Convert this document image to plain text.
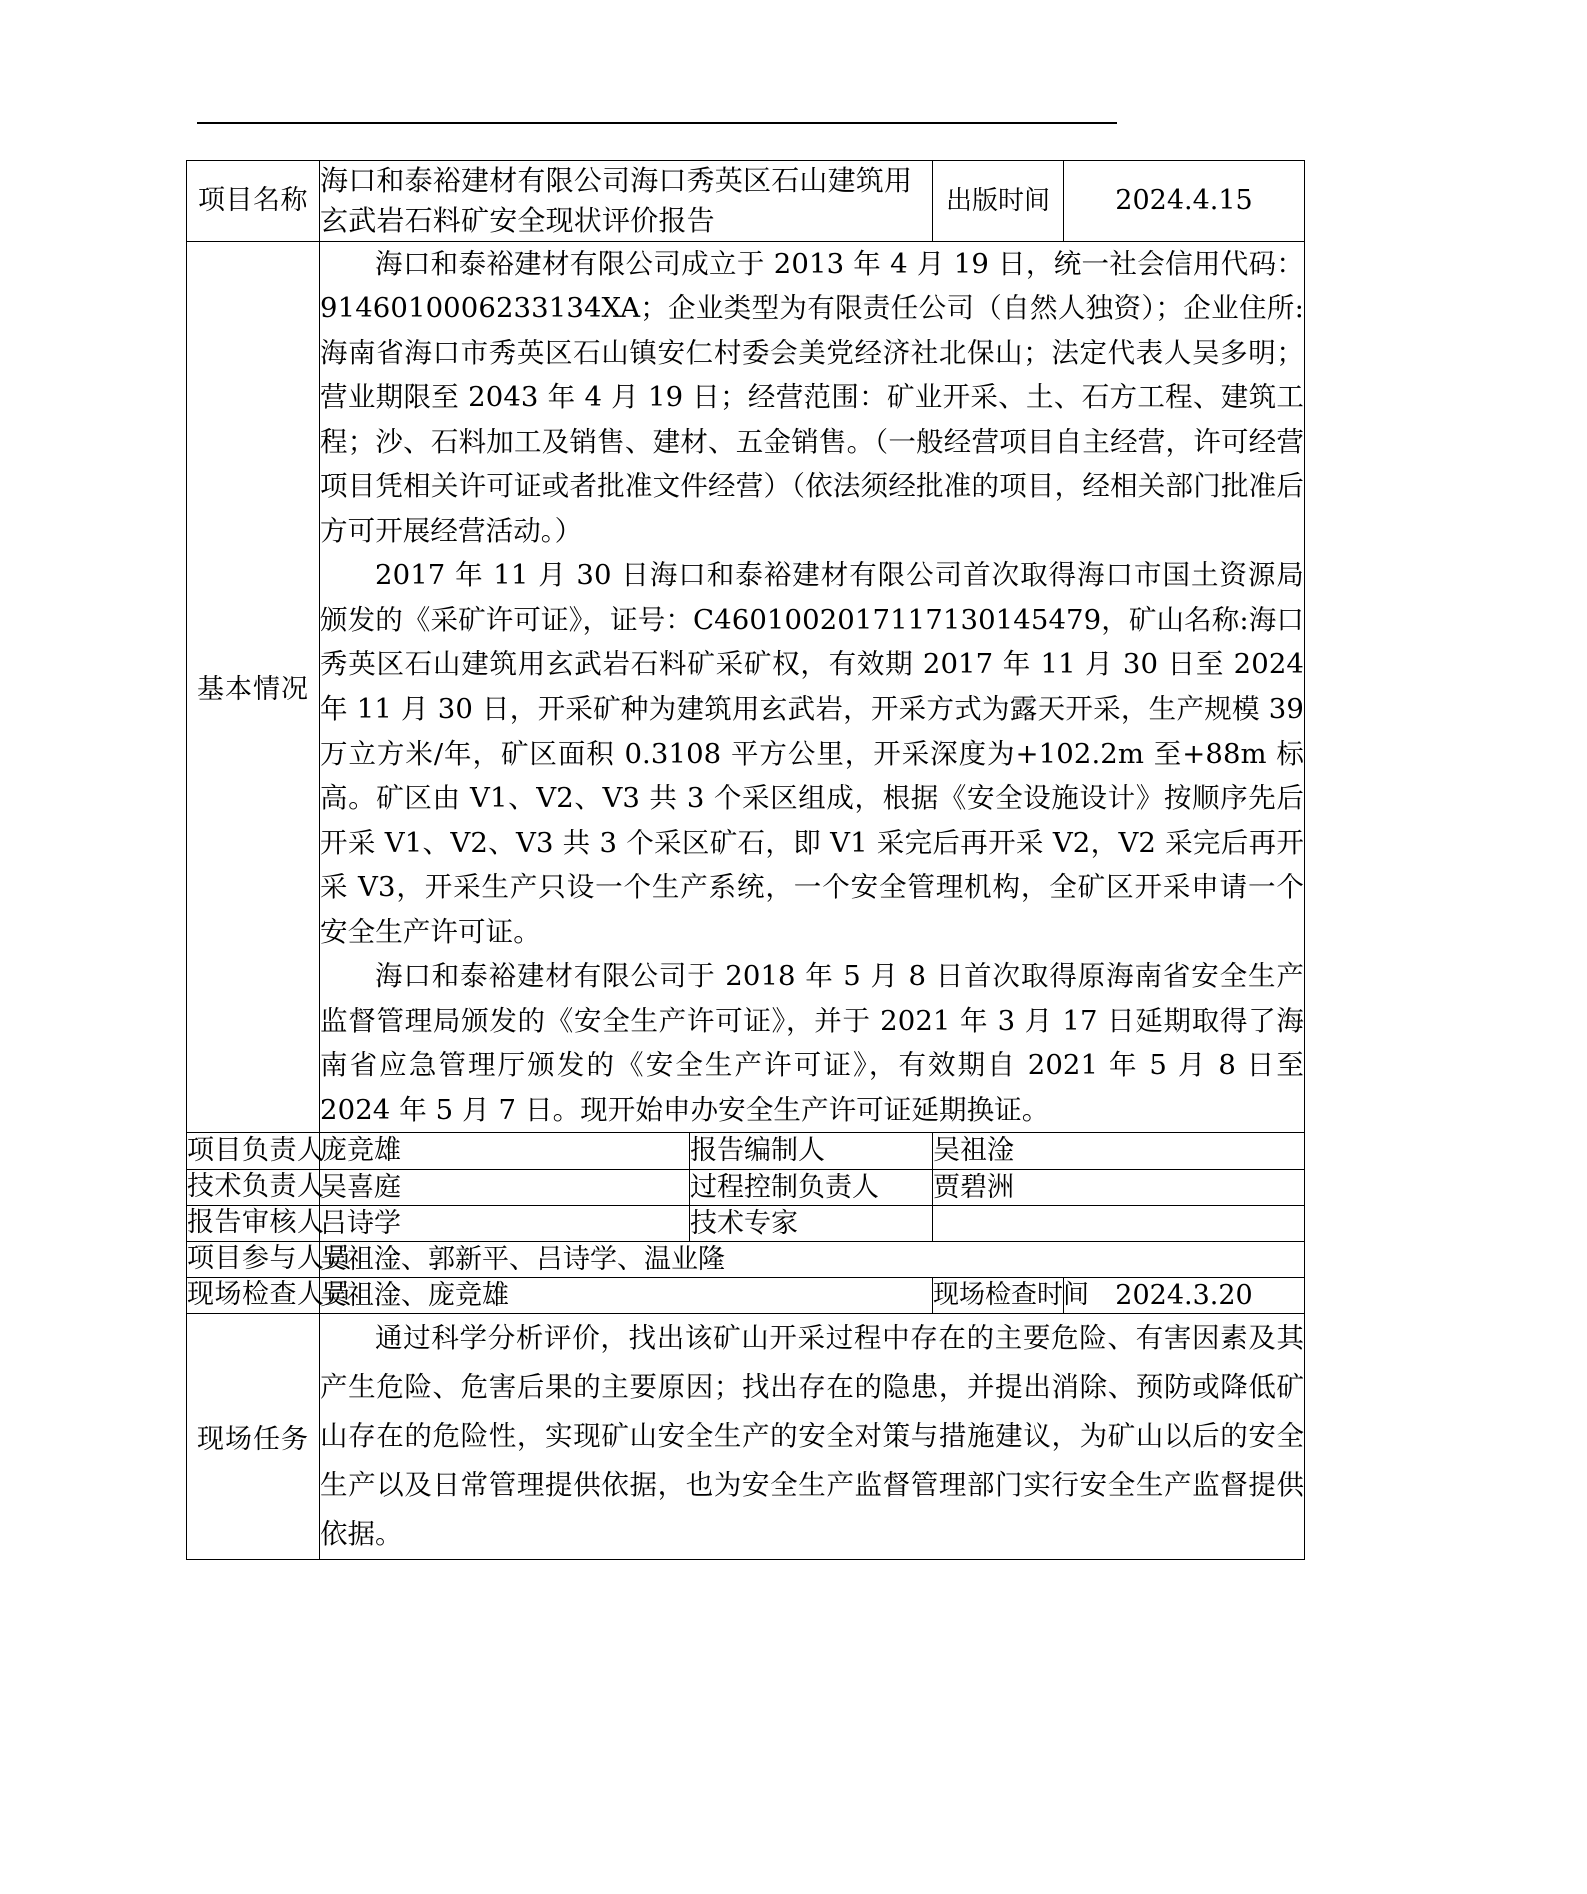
项目名称	海口和泰裕建材有限公司海口秀英区石山建筑用玄武岩石料矿安全现状评价报告		出版时间	2024.4.15
基本情况	海口和泰裕建材有限公司成立于 2013 年 4 月 19 日，统一社会信用代码：9146010006233134XA；企业类型为有限责任公司（自然人独资）；企业住所:海南省海口市秀英区石山镇安仁村委会美党经济社北保山；法定代表人吴多明；营业期限至 2043 年 4 月 19 日；经营范围：矿业开采、土、石方工程、建筑工程；沙、石料加工及销售、建材、五金销售。（一般经营项目自主经营，许可经营项目凭相关许可证或者批准文件经营）（依法须经批准的项目，经相关部门批准后方可开展经营活动。）

2017 年 11 月 30 日海口和泰裕建材有限公司首次取得海口市国土资源局颁发的《采矿许可证》，证号：C4601002017117130145479，矿山名称:海口秀英区石山建筑用玄武岩石料矿采矿权，有效期 2017 年 11 月 30 日至 2024 年 11 月 30 日，开采矿种为建筑用玄武岩，开采方式为露天开采，生产规模 39 万立方米/年，矿区面积 0.3108 平方公里，开采深度为+102.2m 至+88m 标高。矿区由 V1、V2、V3 共 3 个采区组成，根据《安全设施设计》按顺序先后开采 V1、V2、V3 共 3 个采区矿石，即 V1 采完后再开采 V2，V2 采完后再开采 V3，开采生产只设一个生产系统，一个安全管理机构，全矿区开采申请一个安全生产许可证。

海口和泰裕建材有限公司于 2018 年 5 月 8 日首次取得原海南省安全生产监督管理局颁发的《安全生产许可证》，并于 2021 年 3 月 17 日延期取得了海南省应急管理厅颁发的《安全生产许可证》，有效期自 2021 年 5 月 8 日至 2024 年 5 月 7 日。现开始申办安全生产许可证延期换证。			

项目负责人	庞竞雄	报告编制人	吴祖淦	
技术负责人	吴喜庭	过程控制负责人	贾碧洲	
报告审核人	吕诗学	技术专家		
项目参与人员	吴祖淦、郭新平、吕诗学、温业隆			
现场检查人员	吴祖淦、庞竞雄		现场检查时间	2024.3.20
现场任务	通过科学分析评价，找出该矿山开采过程中存在的主要危险、有害因素及其产生危险、危害后果的主要原因；找出存在的隐患，并提出消除、预防或降低矿山存在的危险性，实现矿山安全生产的安全对策与措施建议，为矿山以后的安全生产以及日常管理提供依据，也为安全生产监督管理部门实行安全生产监督提供依据。			
